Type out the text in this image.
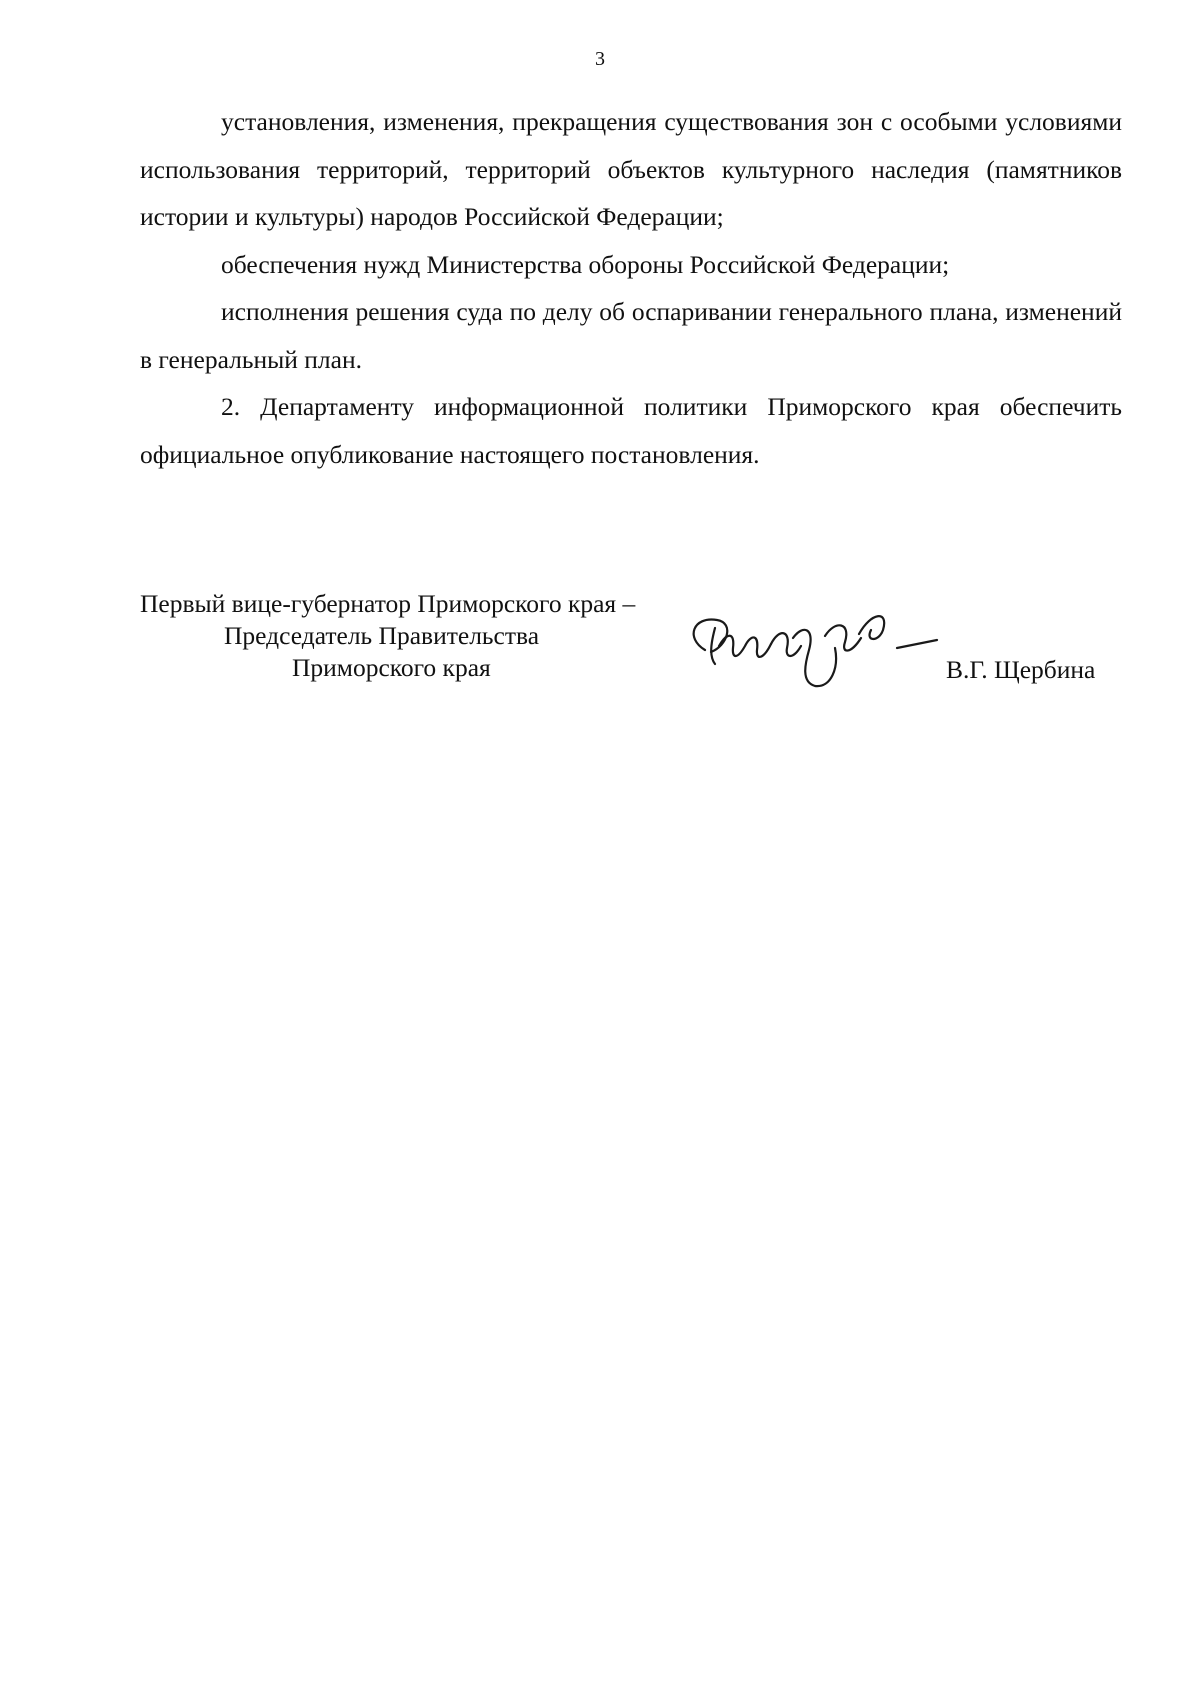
3

установления, изменения, прекращения существования зон с особыми условиями использования территорий, территорий объектов культурного наследия (памятников истории и культуры) народов Российской Федерации;

обеспечения нужд Министерства обороны Российской Федерации;

исполнения решения суда по делу об оспаривании генерального плана, изменений в генеральный план.

2. Департаменту информационной политики Приморского края обеспечить официальное опубликование настоящего постановления.

Первый вице-губернатор Приморского края –
Председатель Правительства
Приморского края	В.Г. Щербина
